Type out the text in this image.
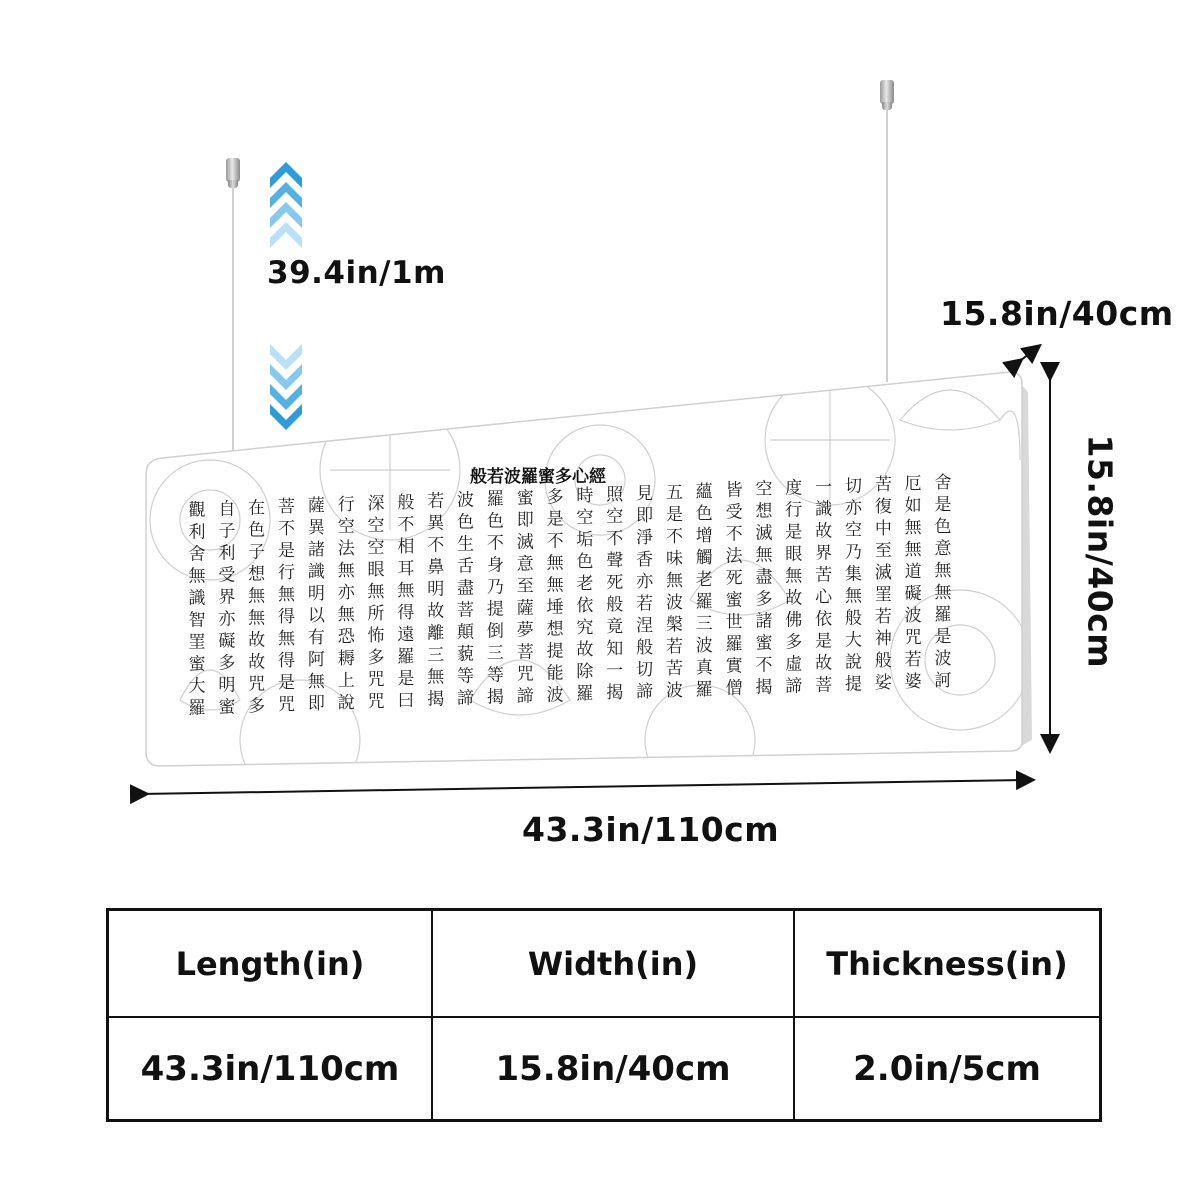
39.4in/1m
般若波羅蜜多心經	舍
是
色
意
無
無
羅
是
波
訶
厄
如
無
無
道
礙
波
咒
若
婆
苦
復
中
至
滅
罣
若
神
般
娑
切
亦
空
乃
集
無
般
大
說
提
一
識
故
界
苦
心
依
是
故
菩
度
行
是
眼
無
故
佛
多
虛
諦
空
想
滅
無
盡
多
諸
蜜
不
揭
皆
受
不
法
死
蜜
世
羅
實
僧
蘊
色
增
觸
老
羅
三
波
真
羅
五
是
不
味
無
波
槃
若
苦
波
見
即
淨
香
亦
若
涅
般
切
諦
照
空
不
聲
死
般
竟
知
一
揭
時
空
垢
色
老
依
究
故
除
羅
多
是
不
無
無
埵
想
提
能
波
蜜
即
滅
意
至
薩
夢
菩
咒
諦
羅
色
不
身
乃
提
倒
三
等
揭
波
色
生
舌
盡
菩
顛
藐
等
諦
若
異
不
鼻
明
故
離
三
無
揭
般
不
相
耳
無
得
遠
羅
是
曰
深
空
空
眼
無
所
怖
多
咒
咒
行
空
法
無
亦
無
恐
耨
上
說
薩
異
諸
識
明
以
有
阿
無
即
菩
不
是
行
無
得
無
得
是
咒
在
色
子
想
無
無
故
故
咒
多
自
子
利
受
界
亦
礙
多
明
蜜
觀
利
舍
無
識
智
罣
蜜
大
羅
15.8in/40cm
15.8in/40cm
43.3in/110cm
Length(in)	Width(in)	Thickness(in)
43.3in/110cm	15.8in/40cm	2.0in/5cm
